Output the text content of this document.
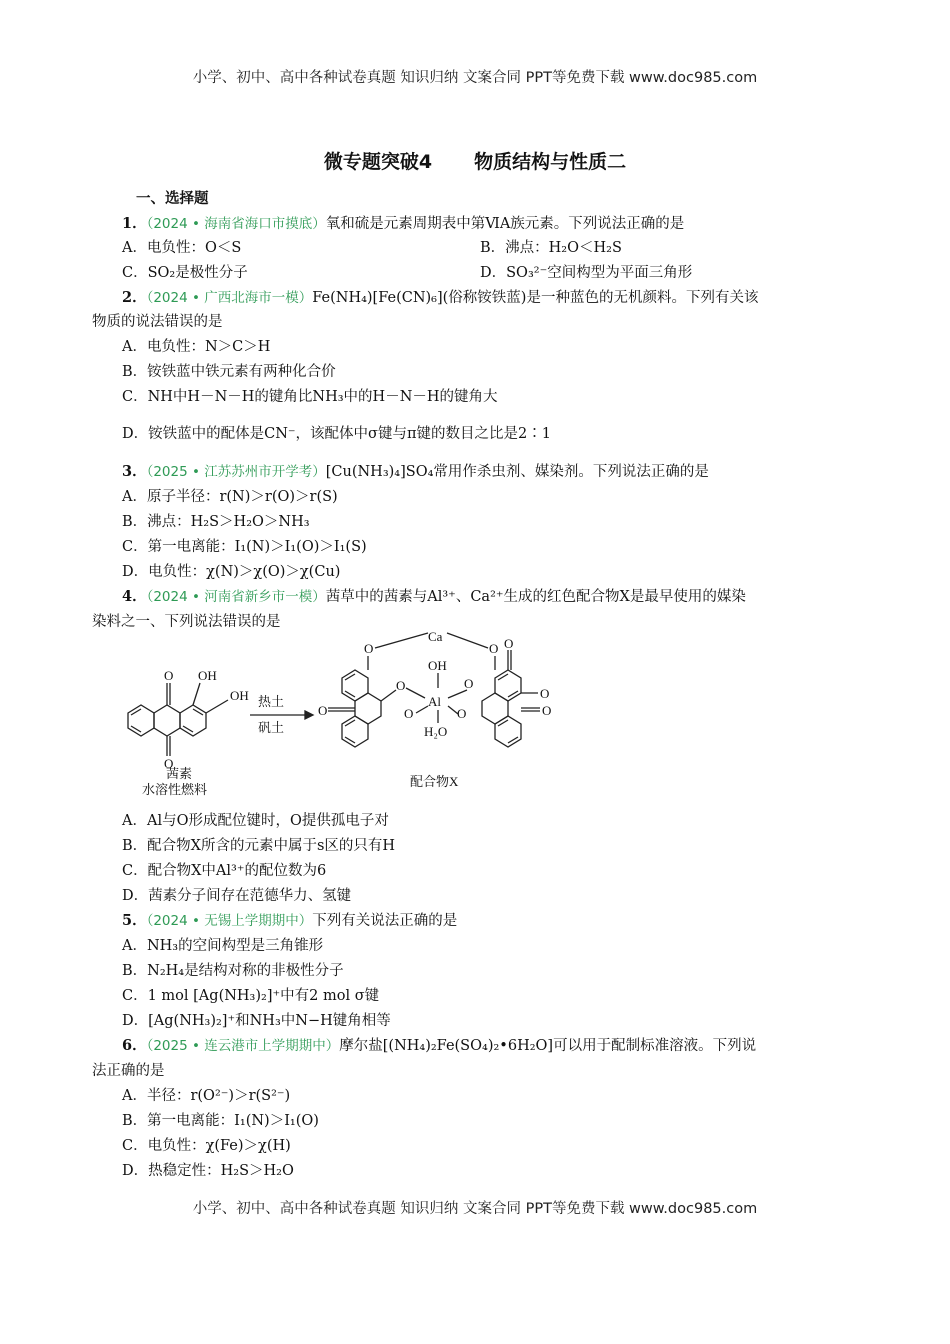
小学、初中、高中各种试卷真题 知识归纳 文案合同 PPT等免费下载 www.doc985.com
微专题突破4 物质结构与性质二
一、选择题
1．（2024 • 海南省海口市摸底）氧和硫是元素周期表中第ⅥA族元素。下列说法正确的是
A．电负性：O＜S	B．沸点：H₂O＜H₂S
C．SO₂是极性分子	D．SO₃²⁻空间构型为平面三角形
2．（2024 • 广西北海市一模）Fe(NH₄)[Fe(CN)₆](俗称铵铁蓝)是一种蓝色的无机颜料。下列有关该
物质的说法错误的是
A．电负性：N＞C＞H
B．铵铁蓝中铁元素有两种化合价
C．NH中H－N－H的键角比NH₃中的H－N－H的键角大
D．铵铁蓝中的配体是CN⁻，该配体中σ键与π键的数目之比是2∶1
3．（2025 • 江苏苏州市开学考）[Cu(NH₃)₄]SO₄常用作杀虫剂、媒染剂。下列说法正确的是
A．原子半径：r(N)＞r(O)＞r(S)
B．沸点：H₂S＞H₂O＞NH₃
C．第一电离能：I₁(N)＞I₁(O)＞I₁(S)
D．电负性：χ(N)＞χ(O)＞χ(Cu)
4．（2024 • 河南省新乡市一模）茜草中的茜素与Al³⁺、Ca²⁺生成的红色配合物X是最早使用的媒染
染料之一、下列说法错误的是
O
O
OH
OH 热土
矾土
O
O
O
Ca
OH
Al
O	O
O
H₂O
O O
O
O
茜素
水溶性燃料
配合物X
A．Al与O形成配位键时，O提供孤电子对
B．配合物X所含的元素中属于s区的只有H
C．配合物X中Al³⁺的配位数为6
D．茜素分子间存在范德华力、氢键
5．（2024 • 无锡上学期期中）下列有关说法正确的是
A．NH₃的空间构型是三角锥形
B．N₂H₄是结构对称的非极性分子
C．1 mol [Ag(NH₃)₂]⁺中有2 mol σ键
D．[Ag(NH₃)₂]⁺和NH₃中N−H键角相等
6．（2025 • 连云港市上学期期中）摩尔盐[(NH₄)₂Fe(SO₄)₂•6H₂O]可以用于配制标准溶液。下列说
法正确的是
A．半径：r(O²⁻)＞r(S²⁻)
B．第一电离能：I₁(N)＞I₁(O)
C．电负性：χ(Fe)＞χ(H)
D．热稳定性：H₂S＞H₂O
小学、初中、高中各种试卷真题 知识归纳 文案合同 PPT等免费下载 www.doc985.com
